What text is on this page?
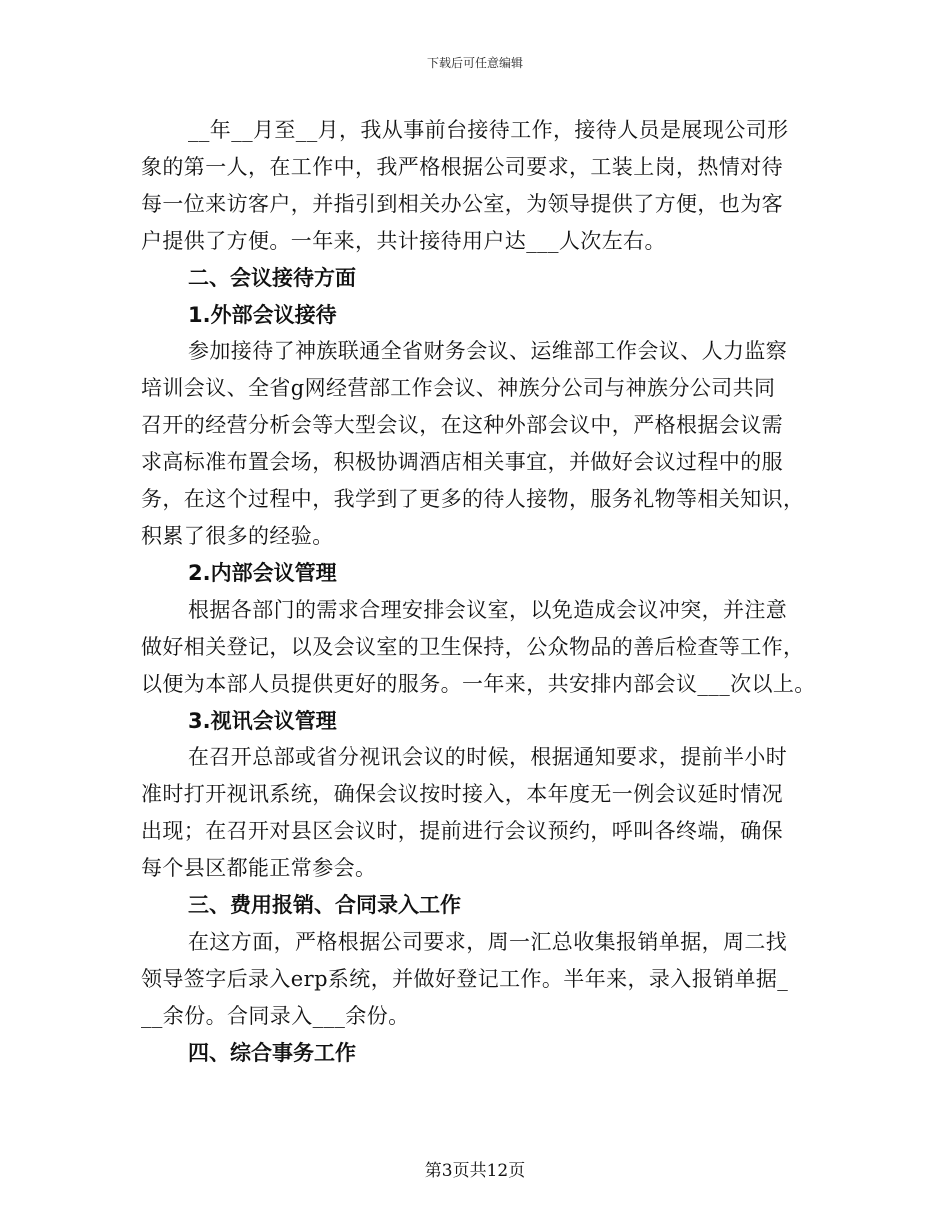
下载后可任意编辑
__年__月至__月，我从事前台接待工作，接待人员是展现公司形
象的第一人，在工作中，我严格根据公司要求，工装上岗，热情对待
每一位来访客户，并指引到相关办公室，为领导提供了方便，也为客
户提供了方便。一年来，共计接待用户达___人次左右。
二、会议接待方面
1.外部会议接待
参加接待了神族联通全省财务会议、运维部工作会议、人力监察
培训会议、全省g网经营部工作会议、神族分公司与神族分公司共同
召开的经营分析会等大型会议，在这种外部会议中，严格根据会议需
求高标准布置会场，积极协调酒店相关事宜，并做好会议过程中的服
务，在这个过程中，我学到了更多的待人接物，服务礼物等相关知识，
积累了很多的经验。
2.内部会议管理
根据各部门的需求合理安排会议室，以免造成会议冲突，并注意
做好相关登记，以及会议室的卫生保持，公众物品的善后检查等工作，
以便为本部人员提供更好的服务。一年来，共安排内部会议___次以上。
3.视讯会议管理
在召开总部或省分视讯会议的时候，根据通知要求，提前半小时
准时打开视讯系统，确保会议按时接入，本年度无一例会议延时情况
出现；在召开对县区会议时，提前进行会议预约，呼叫各终端，确保
每个县区都能正常参会。
三、费用报销、合同录入工作
在这方面，严格根据公司要求，周一汇总收集报销单据，周二找
领导签字后录入erp系统，并做好登记工作。半年来，录入报销单据_
__余份。合同录入___余份。
四、综合事务工作
第3页共12页
